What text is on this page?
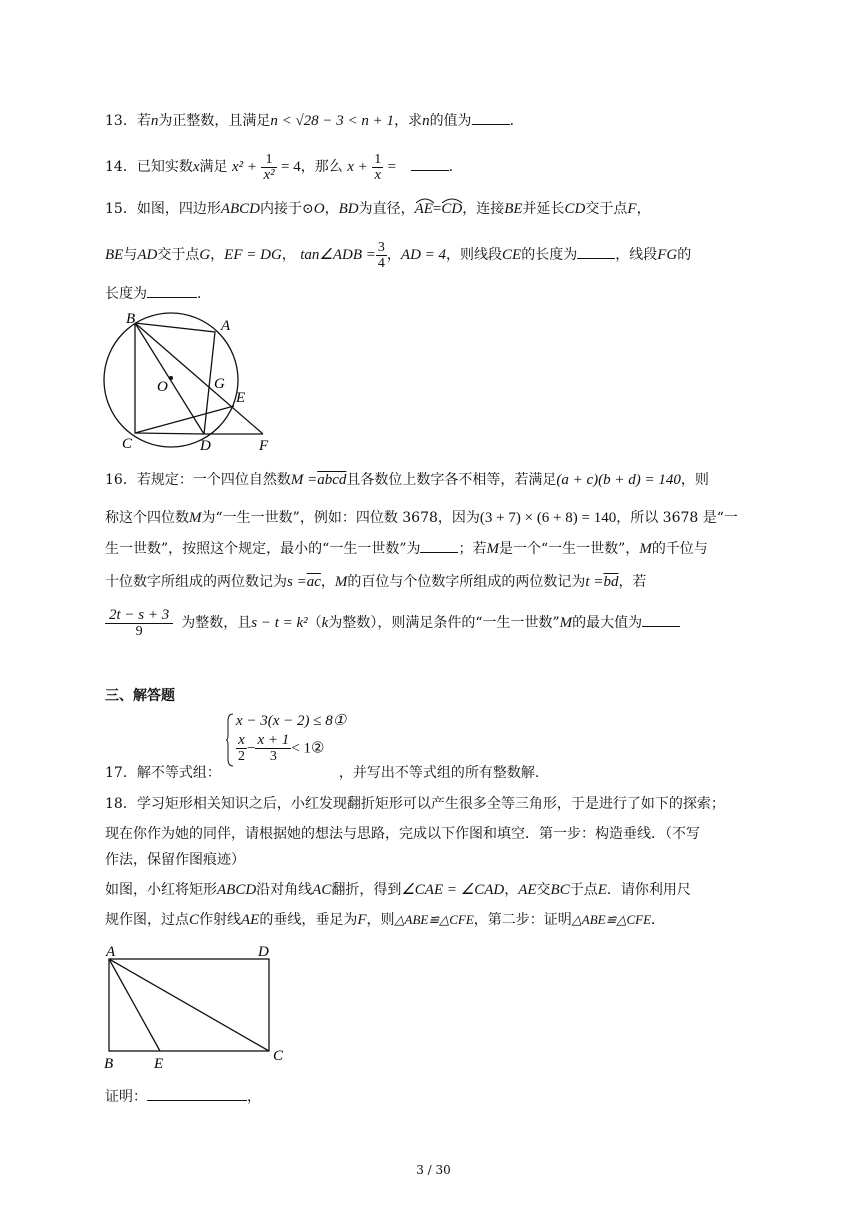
13．若n为正整数，且满足n < √28 − 3 < n + 1，求n的值为	.
14．已知实数x满足 $x^2 + \frac{1}{\text{x²}} = 4$，那么 $x + \frac{1}{x}$ =	.
15．如图，四边形ABCD内接于⊙O，BD为直径，AE
=CD
，连接BE并延长CD交于点F，
BE与AD交于点G，EF = DG， tan∠ADB = $\frac{3}{4}$ ，AD = 4，则线段CE的长度为	，线段FG的
长度为	.
B	A
O	G
E
C	D	F
16．若规定：一个四位自然数M =abcd且各数位上数字各不相等，若满足(a + c)(b + d) = 140，则
称这个四位数M为“一生一世数”，例如：四位数 3678，因为(3 + 7) × (6 + 8) = 140，所以 3678 是“一
生一世数”，按照这个规定，最小的“一生一世数”为	；若M是一个“一生一世数”，M的千位与
十位数字所组成的两位数记为$s =\overline{ac}$，M的百位与个位数字所组成的两位数记为$t =\overline{bd}$，若
$\frac{2t - s + 3}{9}$ 为整数，且s − t = k²（k为整数），则满足条件的“一生一世数”M的最大值为
三、解答题
x − 3(x − 2) ≤ 8①
$\frac{x}{2} - \frac{x + 1}{3}$ < 1②
17．解不等式组：	，并写出不等式组的所有整数解.
18．学习矩形相关知识之后，小红发现翻折矩形可以产生很多全等三角形，于是进行了如下的探索；
现在你作为她的同伴，请根据她的想法与思路，完成以下作图和填空．第一步：构造垂线．（不写
作法，保留作图痕迹）
如图，小红将矩形ABCD沿对角线AC翻折，得到∠CAE = ∠CAD，AE交BC于点E．请你利用尺
规作图，过点C作射线AE的垂线，垂足为F，则△ABE≌△CFE，第二步：证明△ABE≌△CFE．
A	D
B	E	C
证明：	，
3 / 30
